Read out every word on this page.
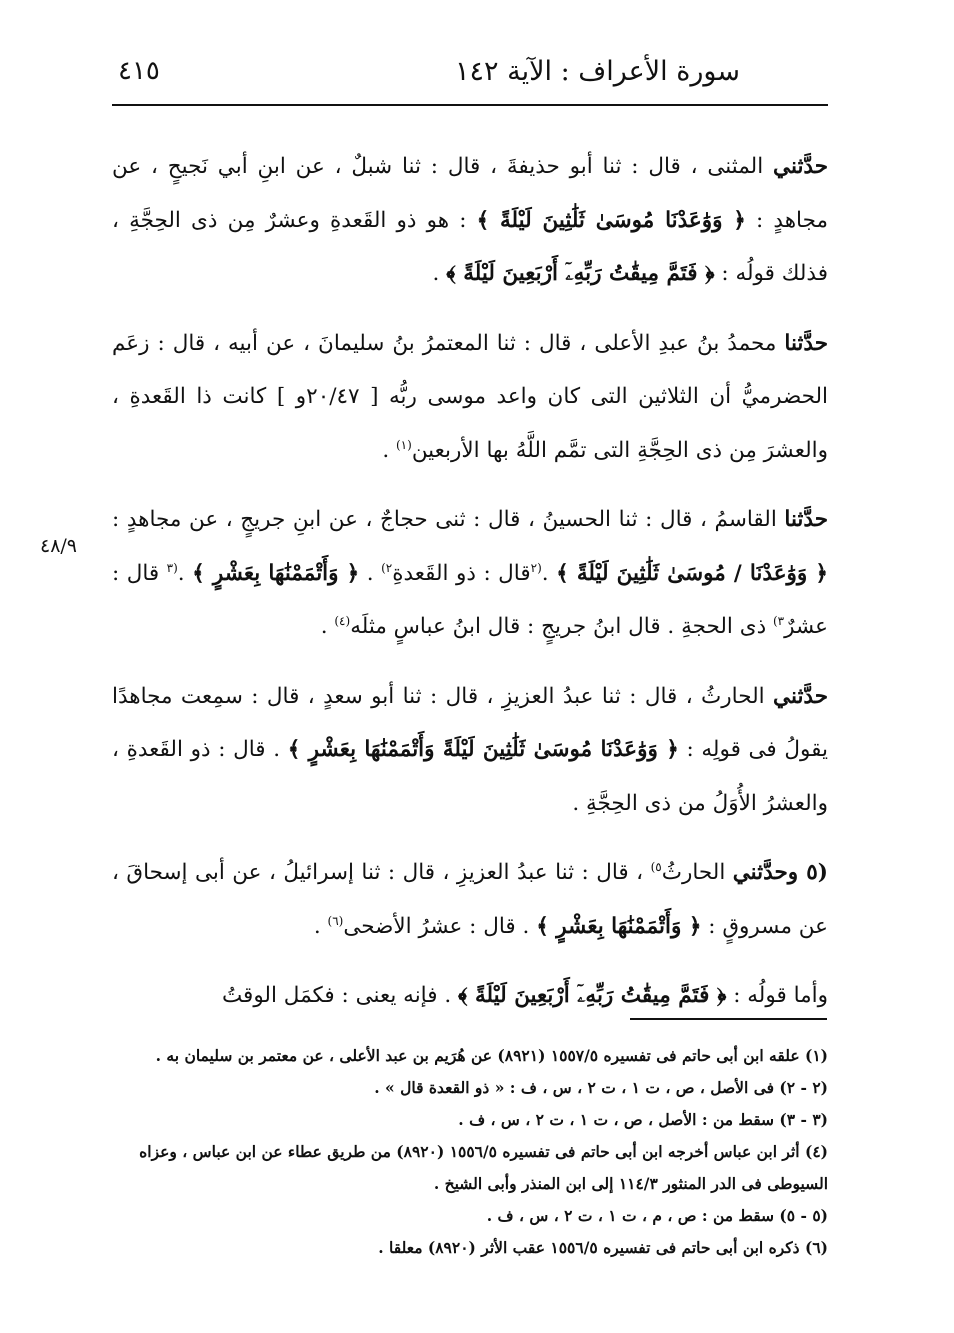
٤١٥	سورة الأعراف : الآية ١٤٢
٤٨/٩

حدَّثني المثنى ، قال : ثنا أبو حذيفةَ ، قال : ثنا شبلٌ ، عن ابنِ أبي نَجيحٍ ، عن مجاهدٍ : ﴿ وَوَٰعَدْنَا مُوسَىٰ ثَلَٰثِينَ لَيْلَةً ﴾ : هو ذو القَعدةِ وعشرٌ مِن ذى الحِجَّةِ ، فذلك قولُه : ﴿ فَتَمَّ مِيقَٰتُ رَبِّهِۦٓ أَرْبَعِينَ لَيْلَةً ﴾ .

حدَّثنا محمدُ بنُ عبدِ الأعلى ، قال : ثنا المعتمرُ بنُ سليمانَ ، عن أبيه ، قال : زعَم الحضرميُّ أن الثلاثين التى كان واعد موسى ربُّه [ ٢٠/٤٧و ] كانت ذا القَعدةِ ، والعشرَ مِن ذى الحِجَّةِ التى تمَّم اللَّهُ بها الأربعين$^{(١)}$ .

حدَّثنا القاسمُ ، قال : ثنا الحسينُ ، قال : ثنى حجاجٌ ، عن ابنِ جريجٍ ، عن مجاهدٍ : ﴿ وَوَٰعَدْنَا / مُوسَىٰ ثَلَٰثِينَ لَيْلَةً ﴾ .$^{(٢}$قال : ذو القَعدةِ$^{٢)}$ . ﴿ وَأَتْمَمْنَٰهَا بِعَشْرٍ ﴾ .$^{(٣}$ قال : عشرٌ$^{٣)}$ ذى الحجةِ . قال ابنُ جريجٍ : قال ابنُ عباسٍ مثلَه$^{(٤)}$ .

حدَّثني الحارثُ ، قال : ثنا عبدُ العزيزِ ، قال : ثنا أبو سعدٍ ، قال : سمِعت مجاهدًا يقولُ فى قولِه : ﴿ وَوَٰعَدْنَا مُوسَىٰ ثَلَٰثِينَ لَيْلَةً وَأَتْمَمْنَٰهَا بِعَشْرٍ ﴾ . قال : ذو القَعدةِ ، والعشرُ الأُوَلُ من ذى الحِجَّةِ .

(٥ وحدَّثني الحارثُ$^{٥)}$ ، قال : ثنا عبدُ العزيزِ ، قال : ثنا إسرائيلُ ، عن أبى إسحاقَ ، عن مسروقٍ : ﴿ وَأَتْمَمْنَٰهَا بِعَشْرٍ ﴾ . قال : عشرُ الأضحى$^{(٦)}$ .

وأما قولُه : ﴿ فَتَمَّ مِيقَٰتُ رَبِّهِۦٓ أَرْبَعِينَ لَيْلَةً ﴾ . فإنه يعنى : فكمَل الوقتُ

(١) علقه ابن أبى حاتم فى تفسيره ١٥٥٧/٥ (٨٩٢١) عن هُرَيم بن عبد الأعلى ، عن معتمر بن سليمان به .

(٢ - ٢) فى الأصل ، ص ، ت ١ ، ت ٢ ، س ، ف : « ذو القعدة قال » .

(٣ - ٣) سقط من : الأصل ، ص ، ت ١ ، ت ٢ ، س ، ف .

(٤) أثر ابن عباس أخرجه ابن أبى حاتم فى تفسيره ١٥٥٦/٥ (٨٩٢٠) من طريق عطاء عن ابن عباس ، وعزاه السيوطى فى الدر المنثور ١١٤/٣ إلى ابن المنذر وأبى الشيخ .

(٥ - ٥) سقط من : ص ، م ، ت ١ ، ت ٢ ، س ، ف .

(٦) ذكره ابن أبى حاتم فى تفسيره ١٥٥٦/٥ عقب الأثر (٨٩٢٠) معلقا .
